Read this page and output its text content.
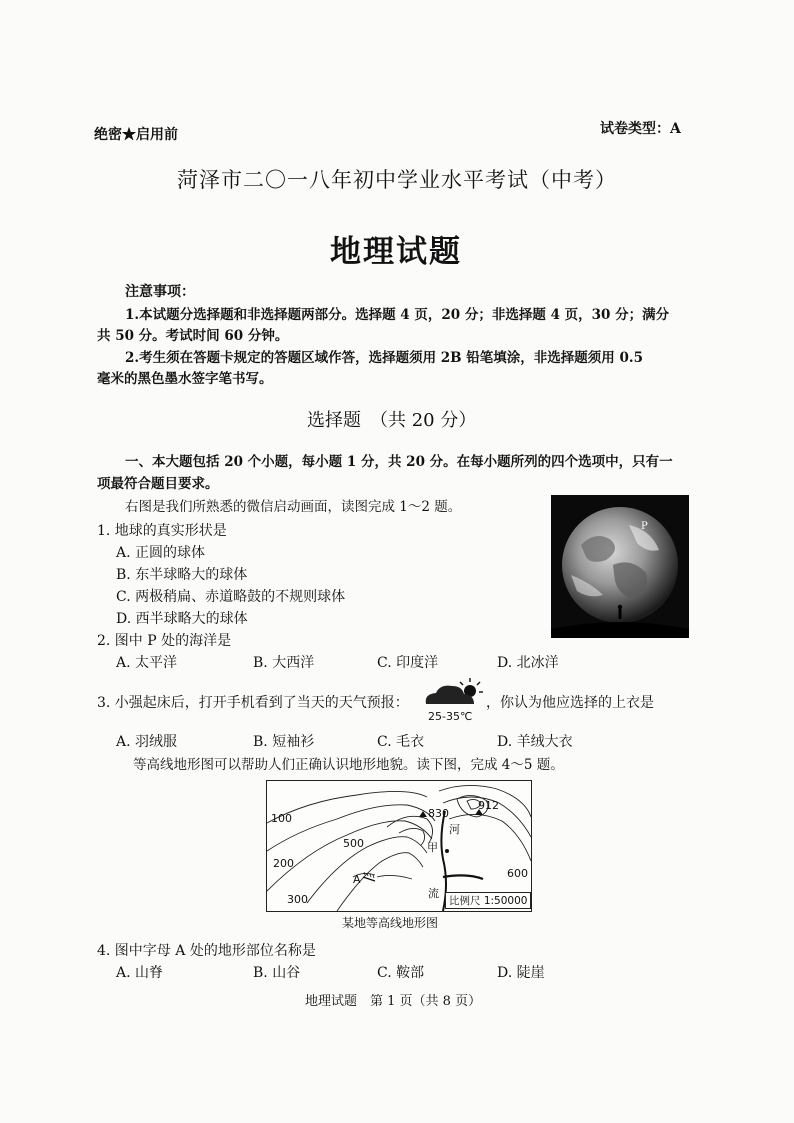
绝密★启用前	试卷类型：A
菏泽市二〇一八年初中学业水平考试（中考）
地理试题
注意事项：
1.本试题分选择题和非选择题两部分。选择题 4 页，20 分；非选择题 4 页，30 分；满分
共 50 分。考试时间 60 分钟。
2.考生须在答题卡规定的答题区域作答，选择题须用 2B 铅笔填涂，非选择题须用 0.5
毫米的黑色墨水签字笔书写。
选择题　（共 20 分）
一、本大题包括 20 个小题，每小题 1 分，共 20 分。在每小题所列的四个选项中，只有一
项最符合题目要求。
右图是我们所熟悉的微信启动画面，读图完成 1～2 题。
P
1. 地球的真实形状是
A. 正圆的球体
B. 东半球略大的球体
C. 两极稍扁、赤道略鼓的不规则球体
D. 西半球略大的球体
2. 图中 P 处的海洋是
A. 太平洋	B. 大西洋	C. 印度洋	D. 北冰洋
3. 小强起床后，打开手机看到了当天的天气预报：
25-35℃
，你认为他应选择的上衣是
A. 羽绒服	B. 短袖衫	C. 毛衣	D. 羊绒大衣
等高线地形图可以帮助人们正确认识地形地貌。读下图，完成 4～5 题。
100
200
300
500
600
830
912
A
甲
河
流
比例尺 1:50000
某地等高线地形图
4. 图中字母 A 处的地形部位名称是
A. 山脊	B. 山谷	C. 鞍部	D. 陡崖
地理试题　第 1 页（共 8 页）
